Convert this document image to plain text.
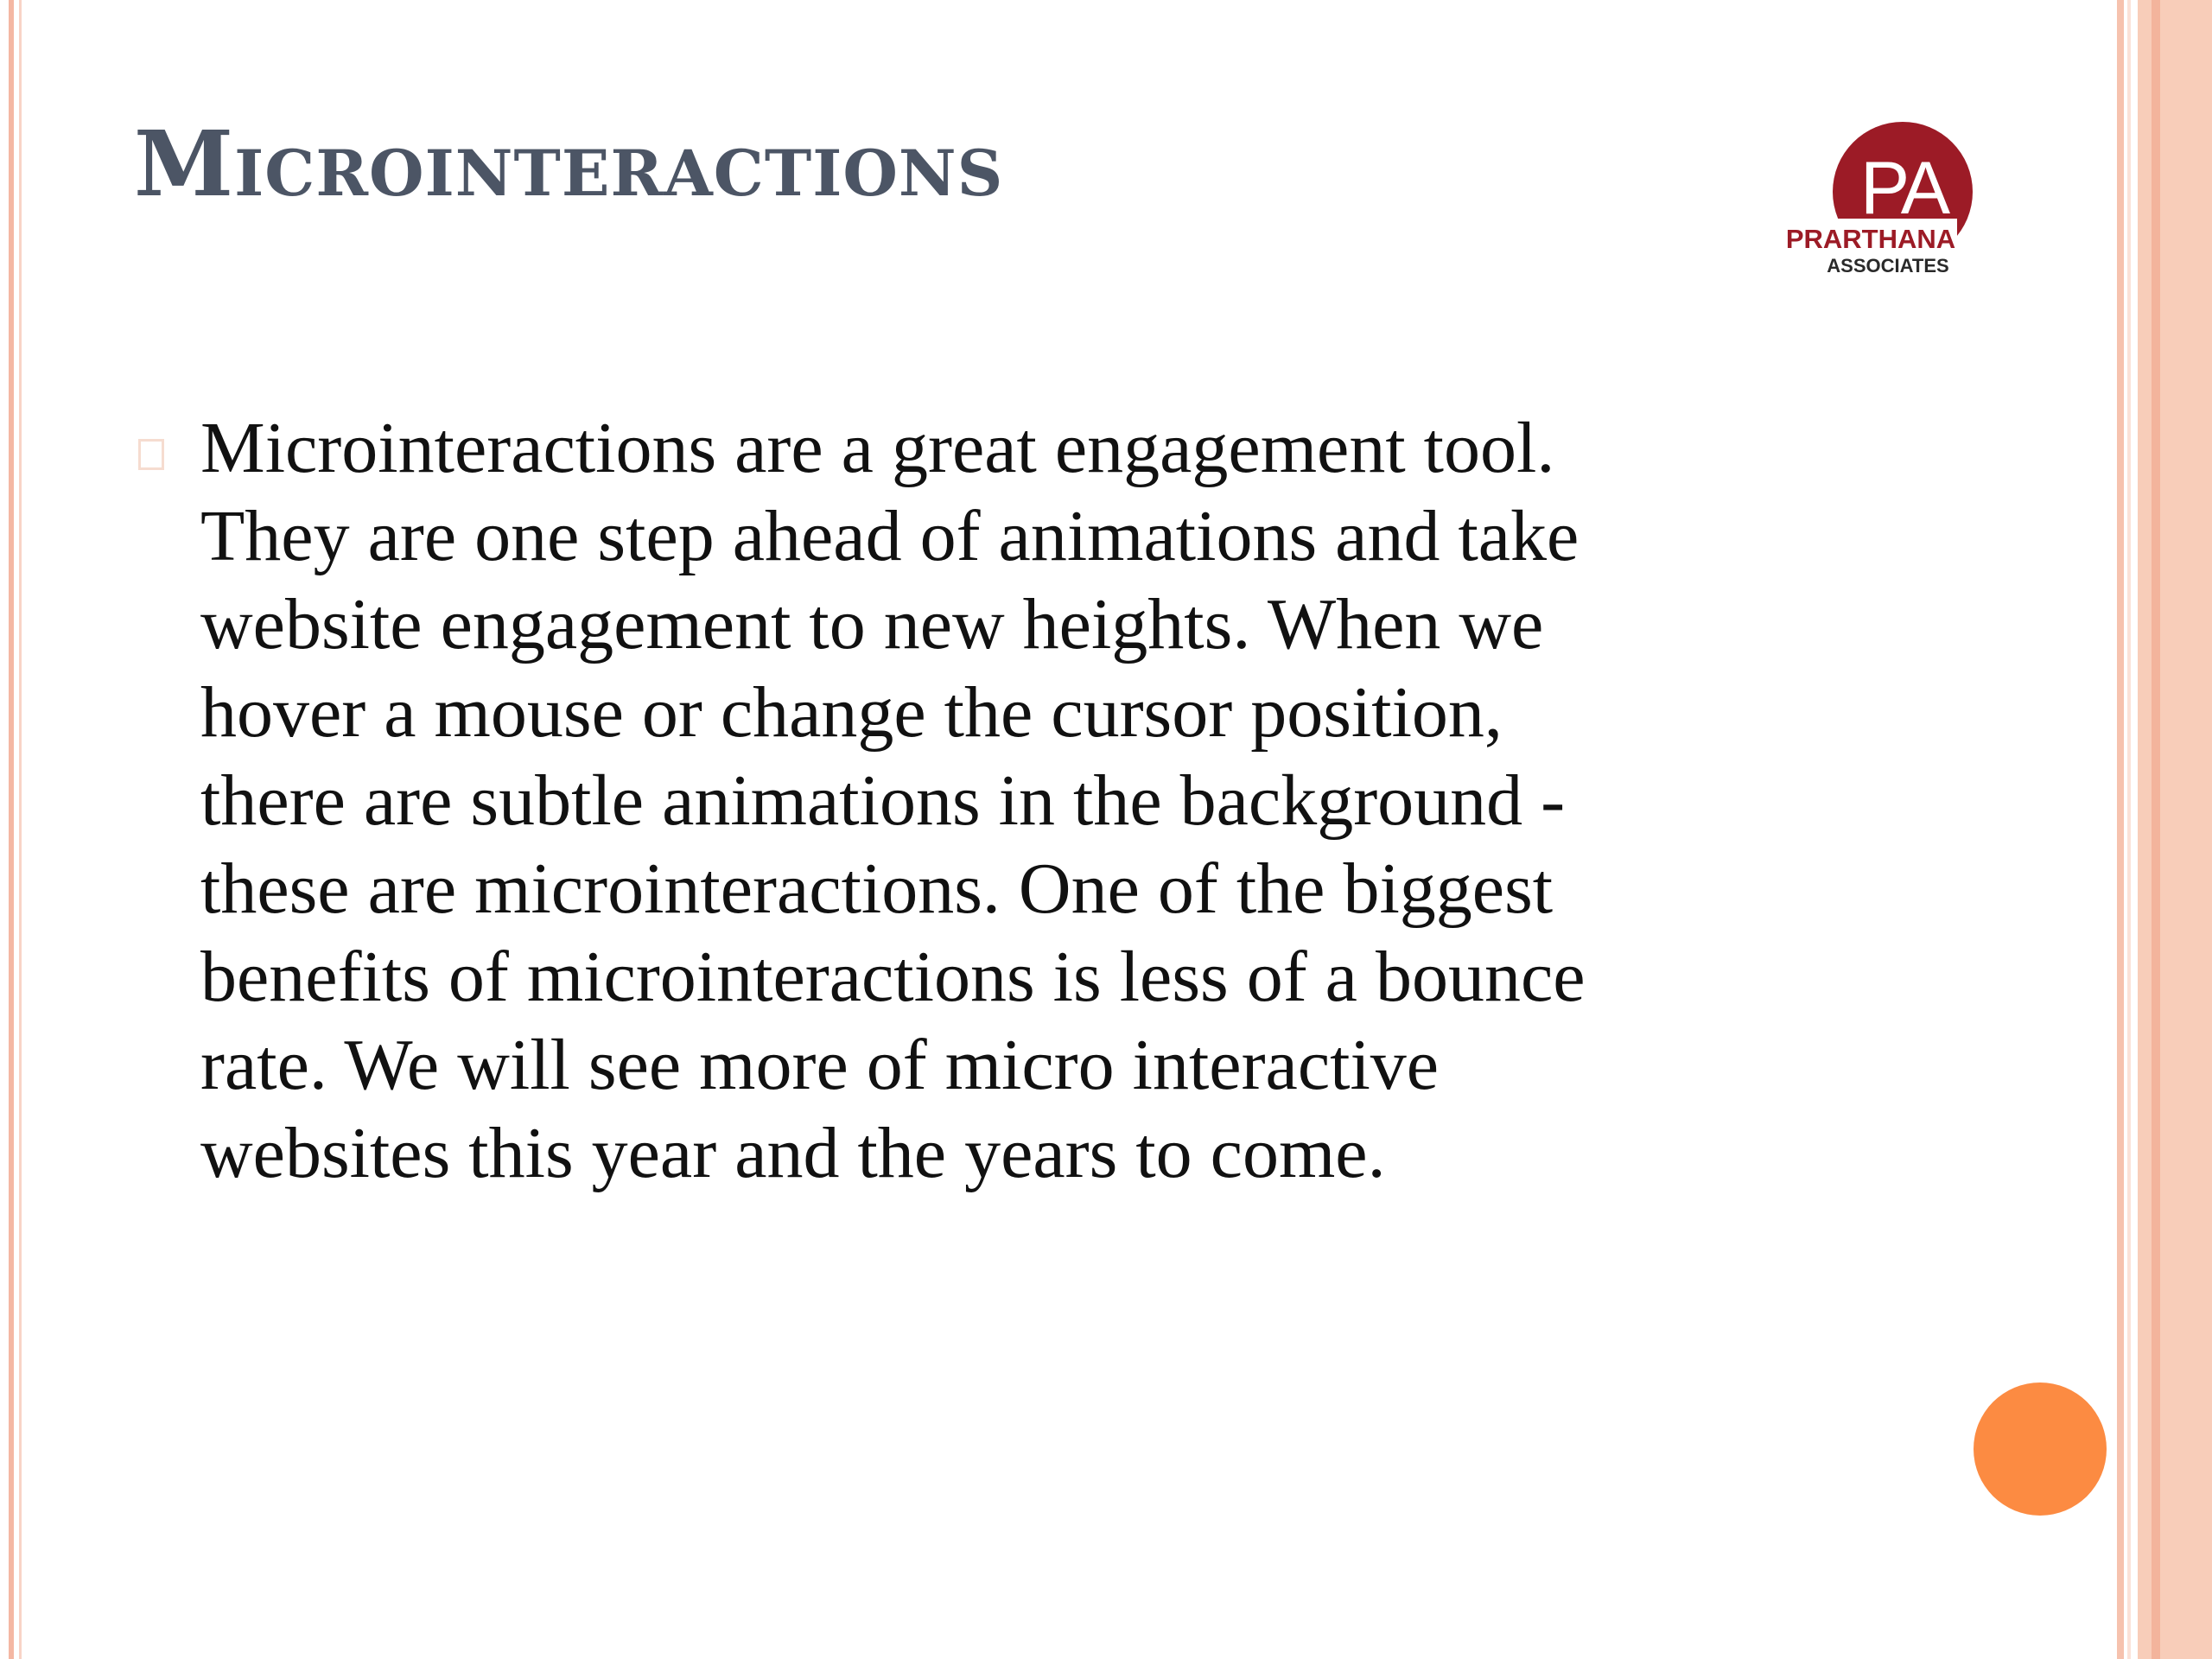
Microinteractions	PA
PRARTHANA
ASSOCIATES

Microinteractions are a great engagement tool.
They are one step ahead of animations and take
website engagement to new heights. When we
hover a mouse or change the cursor position,
there are subtle animations in the background -
these are microinteractions. One of the biggest
benefits of microinteractions is less of a bounce
rate. We will see more of micro interactive
websites this year and the years to come.
